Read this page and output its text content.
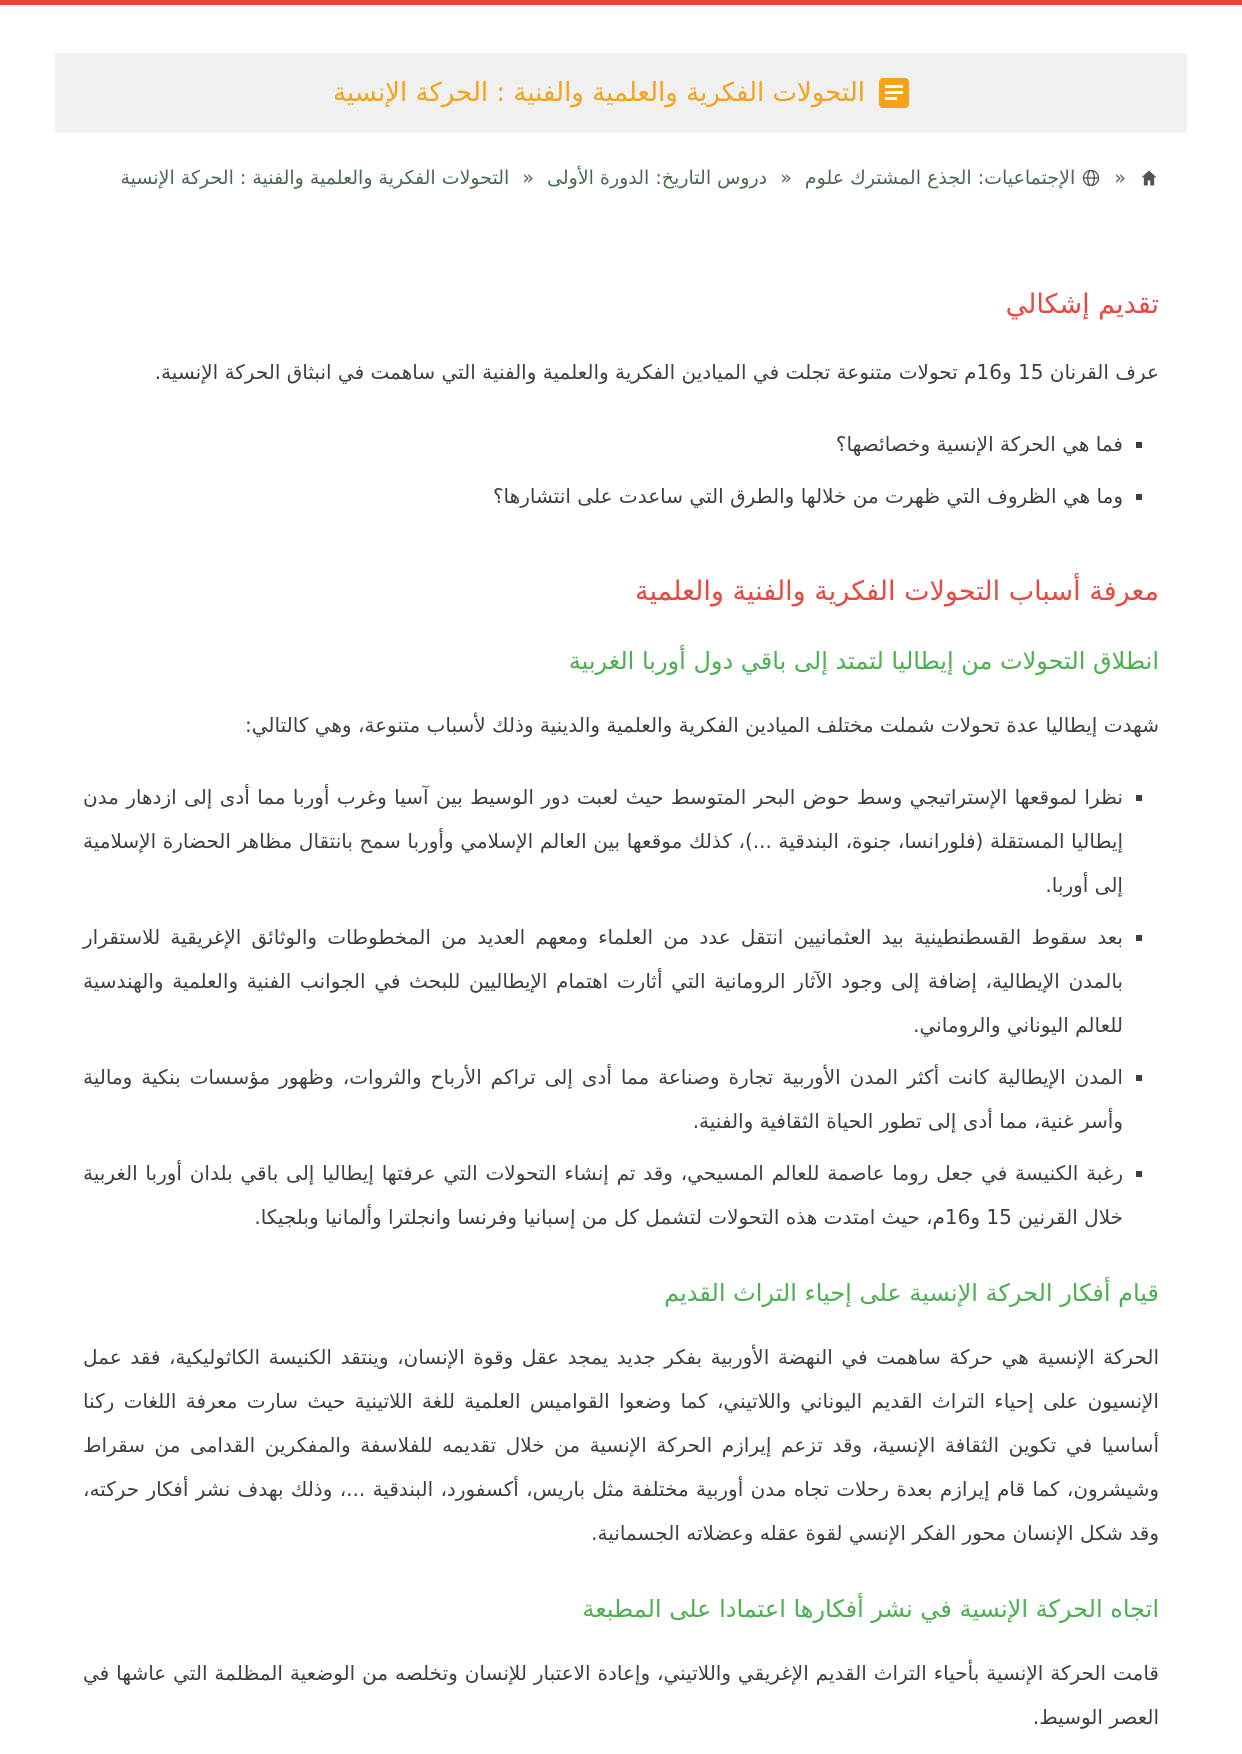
التحولات الفكرية والعلمية والفنية : الحركة الإنسية
«  الإجتماعيات: الجذع المشترك علوم « دروس التاريخ: الدورة الأولى « التحولات الفكرية والعلمية والفنية : الحركة الإنسية
تقديم إشكالي

عرف القرنان 15 و16م تحولات متنوعة تجلت في الميادين الفكرية والعلمية والفنية التي ساهمت في انبثاق الحركة الإنسية.

▪ فما هي الحركة الإنسية وخصائصها؟
▪ وما هي الظروف التي ظهرت من خلالها والطرق التي ساعدت على انتشارها؟
معرفة أسباب التحولات الفكرية والفنية والعلمية
انطلاق التحولات من إيطاليا لتمتد إلى باقي دول أوربا الغربية

شهدت إيطاليا عدة تحولات شملت مختلف الميادين الفكرية والعلمية والدينية وذلك لأسباب متنوعة، وهي كالتالي:

▪ نظرا لموقعها الإستراتيجي وسط حوض البحر المتوسط حيث لعبت دور الوسيط بين آسيا وغرب أوربا مما أدى إلى ازدهار مدن إيطاليا المستقلة (فلورانسا، جنوة، البندقية ...)، كذلك موقعها بين العالم الإسلامي وأوربا سمح بانتقال مظاهر الحضارة الإسلامية إلى أوربا.
▪ بعد سقوط القسطنطينية بيد العثمانيين انتقل عدد من العلماء ومعهم العديد من المخطوطات والوثائق الإغريقية للاستقرار بالمدن الإيطالية، إضافة إلى وجود الآثار الرومانية التي أثارت اهتمام الإيطاليين للبحث في الجوانب الفنية والعلمية والهندسية للعالم اليوناني والروماني.
▪ المدن الإيطالية كانت أكثر المدن الأوربية تجارة وصناعة مما أدى إلى تراكم الأرباح والثروات، وظهور مؤسسات بنكية ومالية وأسر غنية، مما أدى إلى تطور الحياة الثقافية والفنية.
▪ رغبة الكنيسة في جعل روما عاصمة للعالم المسيحي، وقد تم إنشاء التحولات التي عرفتها إيطاليا إلى باقي بلدان أوربا الغربية خلال القرنين 15 و16م، حيث امتدت هذه التحولات لتشمل كل من إسبانيا وفرنسا وانجلترا وألمانيا وبلجيكا.
قيام أفكار الحركة الإنسية على إحياء التراث القديم

الحركة الإنسية هي حركة ساهمت في النهضة الأوربية بفكر جديد يمجد عقل وقوة الإنسان، وينتقد الكنيسة الكاثوليكية، فقد عمل الإنسيون على إحياء التراث القديم اليوناني واللاتيني، كما وضعوا القواميس العلمية للغة اللاتينية حيث سارت معرفة اللغات ركنا أساسيا في تكوين الثقافة الإنسية، وقد تزعم إيرازم الحركة الإنسية من خلال تقديمه للفلاسفة والمفكرين القدامى من سقراط وشيشرون، كما قام إيرازم بعدة رحلات تجاه مدن أوربية مختلفة مثل باريس، أكسفورد، البندقية ...، وذلك بهدف نشر أفكار حركته، وقد شكل الإنسان محور الفكر الإنسي لقوة عقله وعضلاته الجسمانية.

اتجاه الحركة الإنسية في نشر أفكارها اعتمادا على المطبعة

قامت الحركة الإنسية بأحياء التراث القديم الإغريقي واللاتيني، وإعادة الاعتبار للإنسان وتخلصه من الوضعية المظلمة التي عاشها في العصر الوسيط.
